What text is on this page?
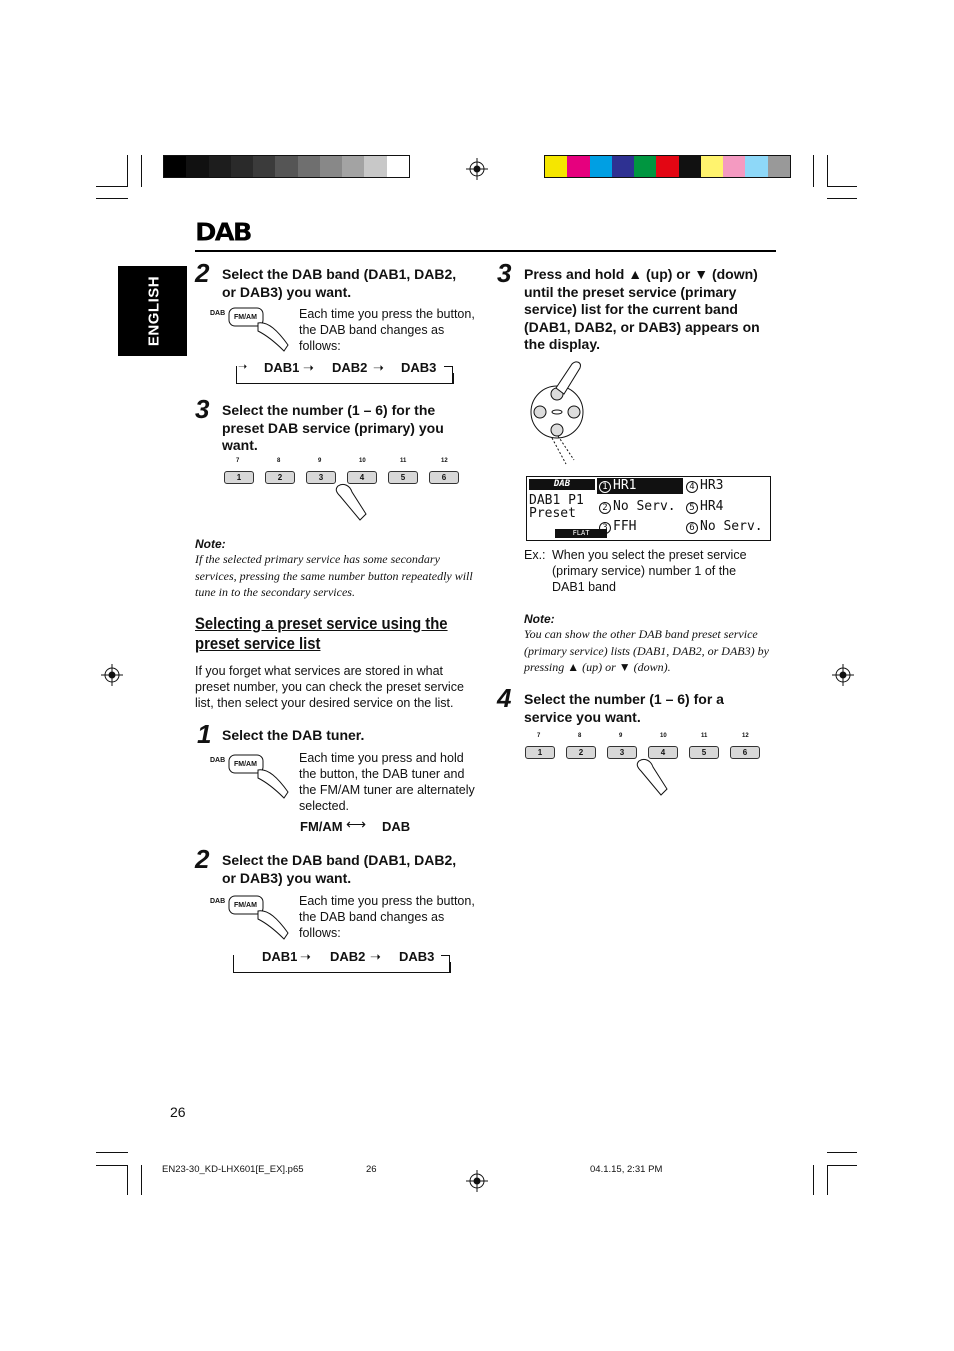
ENGLISH
DAB
2 Select the DAB band (DAB1, DAB2, or DAB3) you want.
DAB
FM/AM	Each time you press the button, the DAB band changes as follows:
➝ DAB1 ➝ DAB2 ➝ DAB3
3 Select the number (1 – 6) for the preset DAB service (primary) you want.
7
1
8
2
9
3
10
4
11
5
12
6
Note:
If the selected primary service has some secondary services, pressing the same number button repeatedly will tune in to the secondary services.
Selecting a preset service using the preset service list
If you forget what services are stored in what preset number, you can check the preset service list, then select your desired service on the list.
1 Select the DAB tuner.
DAB
FM/AM	Each time you press and hold the button, the DAB tuner and the FM/AM tuner are alternately selected.
FM/AM ⟷ DAB
2 Select the DAB band (DAB1, DAB2, or DAB3) you want.
DAB
FM/AM	Each time you press the button, the DAB band changes as follows:
DAB1 ➝ DAB2 ➝ DAB3
3 Press and hold ▲ (up) or ▼ (down) until the preset service (primary service) list for the current band (DAB1, DAB2, or DAB3) appears on the display.
DAB
DAB1 P1
Preset
FLAT
1 HR1
2 No Serv.
3 FFH
4 HR3
5 HR4
6 No Serv.
Ex.: When you select the preset service (primary service) number 1 of the DAB1 band
Note:
You can show the other DAB band preset service (primary service) lists (DAB1, DAB2, or DAB3) by pressing ▲ (up) or ▼ (down).
4 Select the number (1 – 6) for a service you want.
7
1
8
2
9
3
10
4
11
5
12
6
26
EN23-30_KD-LHX601[E_EX].p65	26	04.1.15, 2:31 PM
